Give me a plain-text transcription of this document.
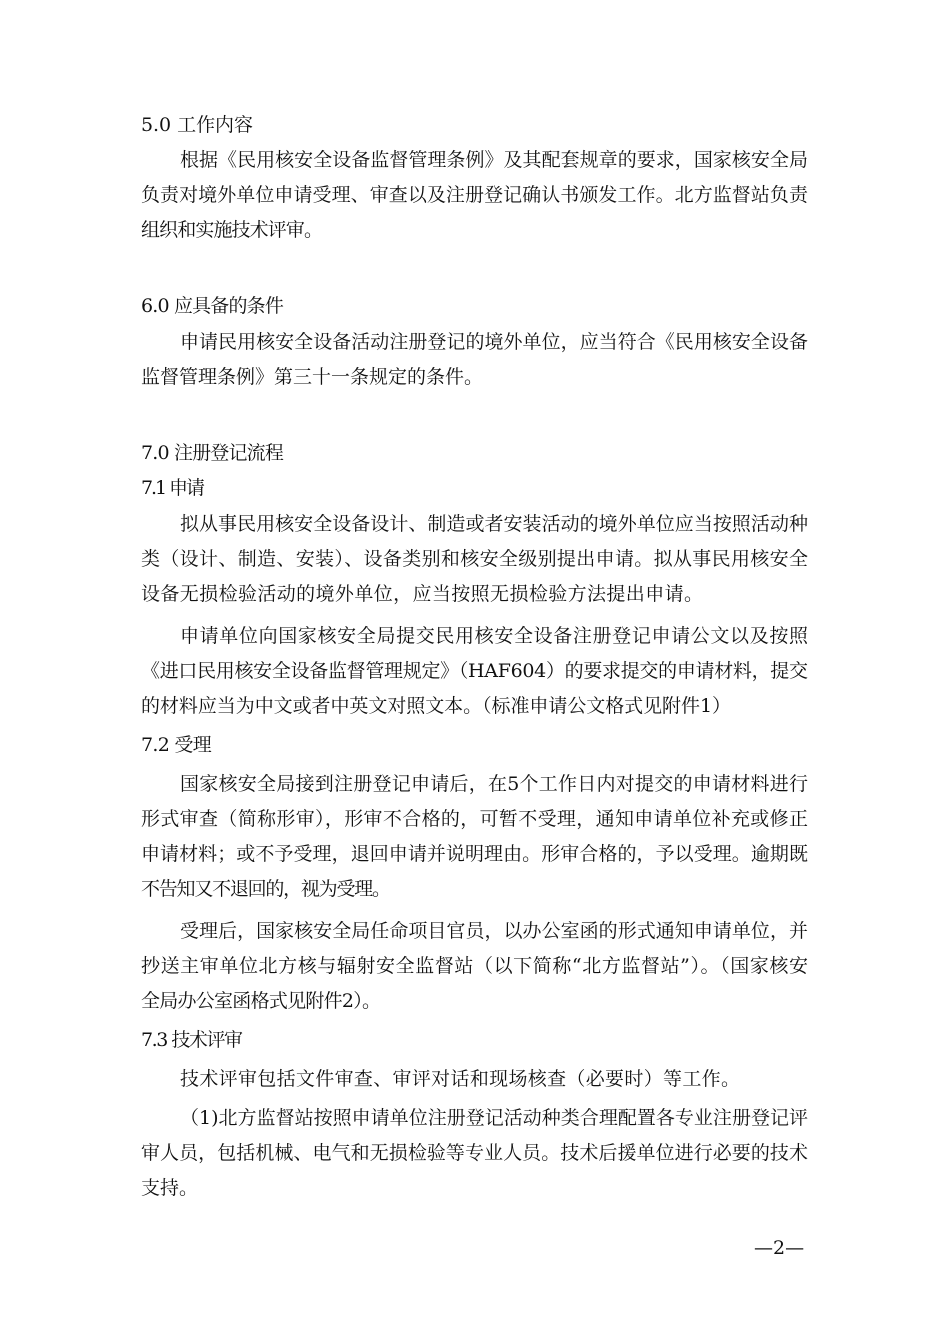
5.0 工作内容
根据《民用核安全设备监督管理条例》及其配套规章的要求，国家核安全局
负责对境外单位申请受理、审查以及注册登记确认书颁发工作。北方监督站负责
组织和实施技术评审。
6.0 应具备的条件
申请民用核安全设备活动注册登记的境外单位，应当符合《民用核安全设备
监督管理条例》第三十一条规定的条件。
7.0 注册登记流程
7.1 申请
拟从事民用核安全设备设计、制造或者安装活动的境外单位应当按照活动种
类（设计、制造、安装）、设备类别和核安全级别提出申请。拟从事民用核安全
设备无损检验活动的境外单位，应当按照无损检验方法提出申请。
申请单位向国家核安全局提交民用核安全设备注册登记申请公文以及按照
《进口民用核安全设备监督管理规定》（HAF604）的要求提交的申请材料，提交
的材料应当为中文或者中英文对照文本。（标准申请公文格式见附件1）
7.2 受理
国家核安全局接到注册登记申请后，在5个工作日内对提交的申请材料进行
形式审查（简称形审），形审不合格的，可暂不受理，通知申请单位补充或修正
申请材料；或不予受理，退回申请并说明理由。形审合格的，予以受理。逾期既
不告知又不退回的，视为受理。
受理后，国家核安全局任命项目官员，以办公室函的形式通知申请单位，并
抄送主审单位北方核与辐射安全监督站（以下简称“北方监督站”）。（国家核安
全局办公室函格式见附件2）。
7.3 技术评审
技术评审包括文件审查、审评对话和现场核查（必要时）等工作。
（1)北方监督站按照申请单位注册登记活动种类合理配置各专业注册登记评
审人员，包括机械、电气和无损检验等专业人员。技术后援单位进行必要的技术
支持。
—2—
